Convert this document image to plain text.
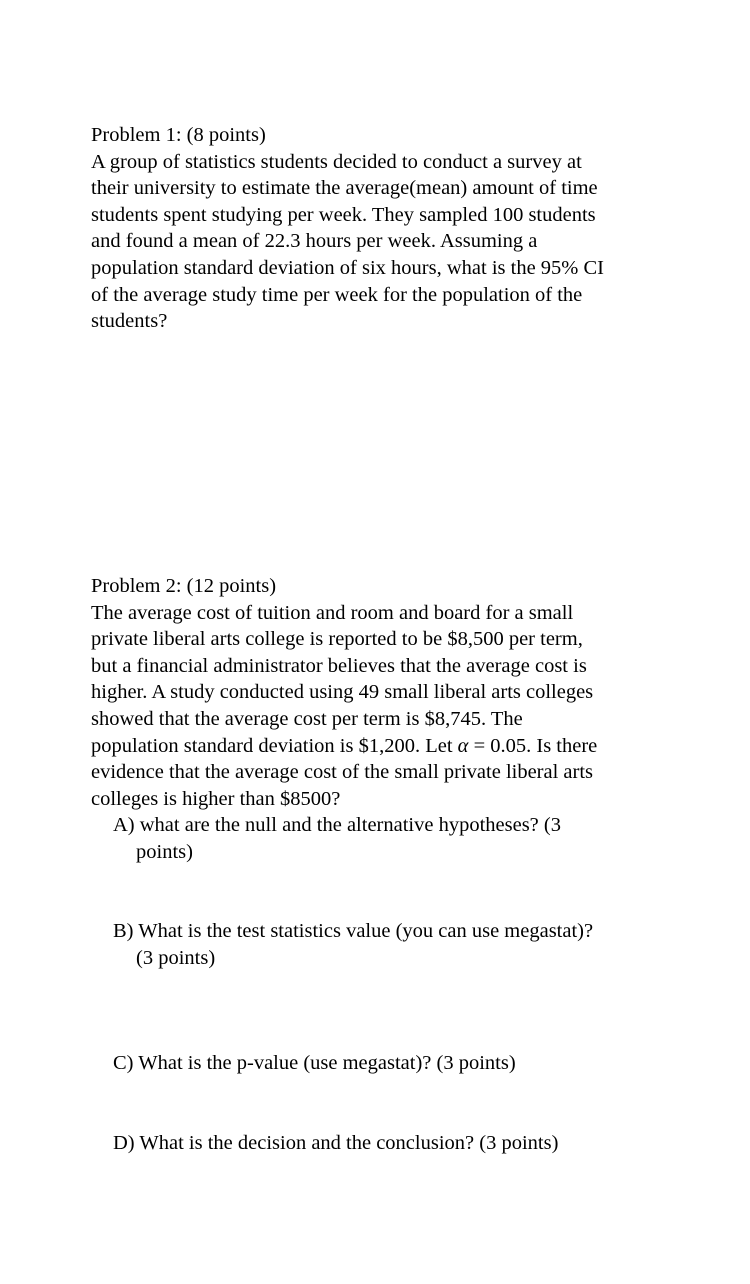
Problem 1: (8 points)
A group of statistics students decided to conduct a survey at
their university to estimate the average(mean) amount of time
students spent studying per week. They sampled 100 students
and found a mean of 22.3 hours per week. Assuming a
population standard deviation of six hours, what is the 95% CI
of the average study time per week for the population of the
students?
Problem 2: (12 points)
The average cost of tuition and room and board for a small
private liberal arts college is reported to be $8,500 per term,
but a financial administrator believes that the average cost is
higher. A study conducted using 49 small liberal arts colleges
showed that the average cost per term is $8,745. The
population standard deviation is $1,200. Let α = 0.05. Is there
evidence that the average cost of the small private liberal arts
colleges is higher than $8500?
A) what are the null and the alternative hypotheses? (3
points)
B) What is the test statistics value (you can use megastat)?
(3 points)
C) What is the p-value (use megastat)? (3 points)
D) What is the decision and the conclusion? (3 points)
